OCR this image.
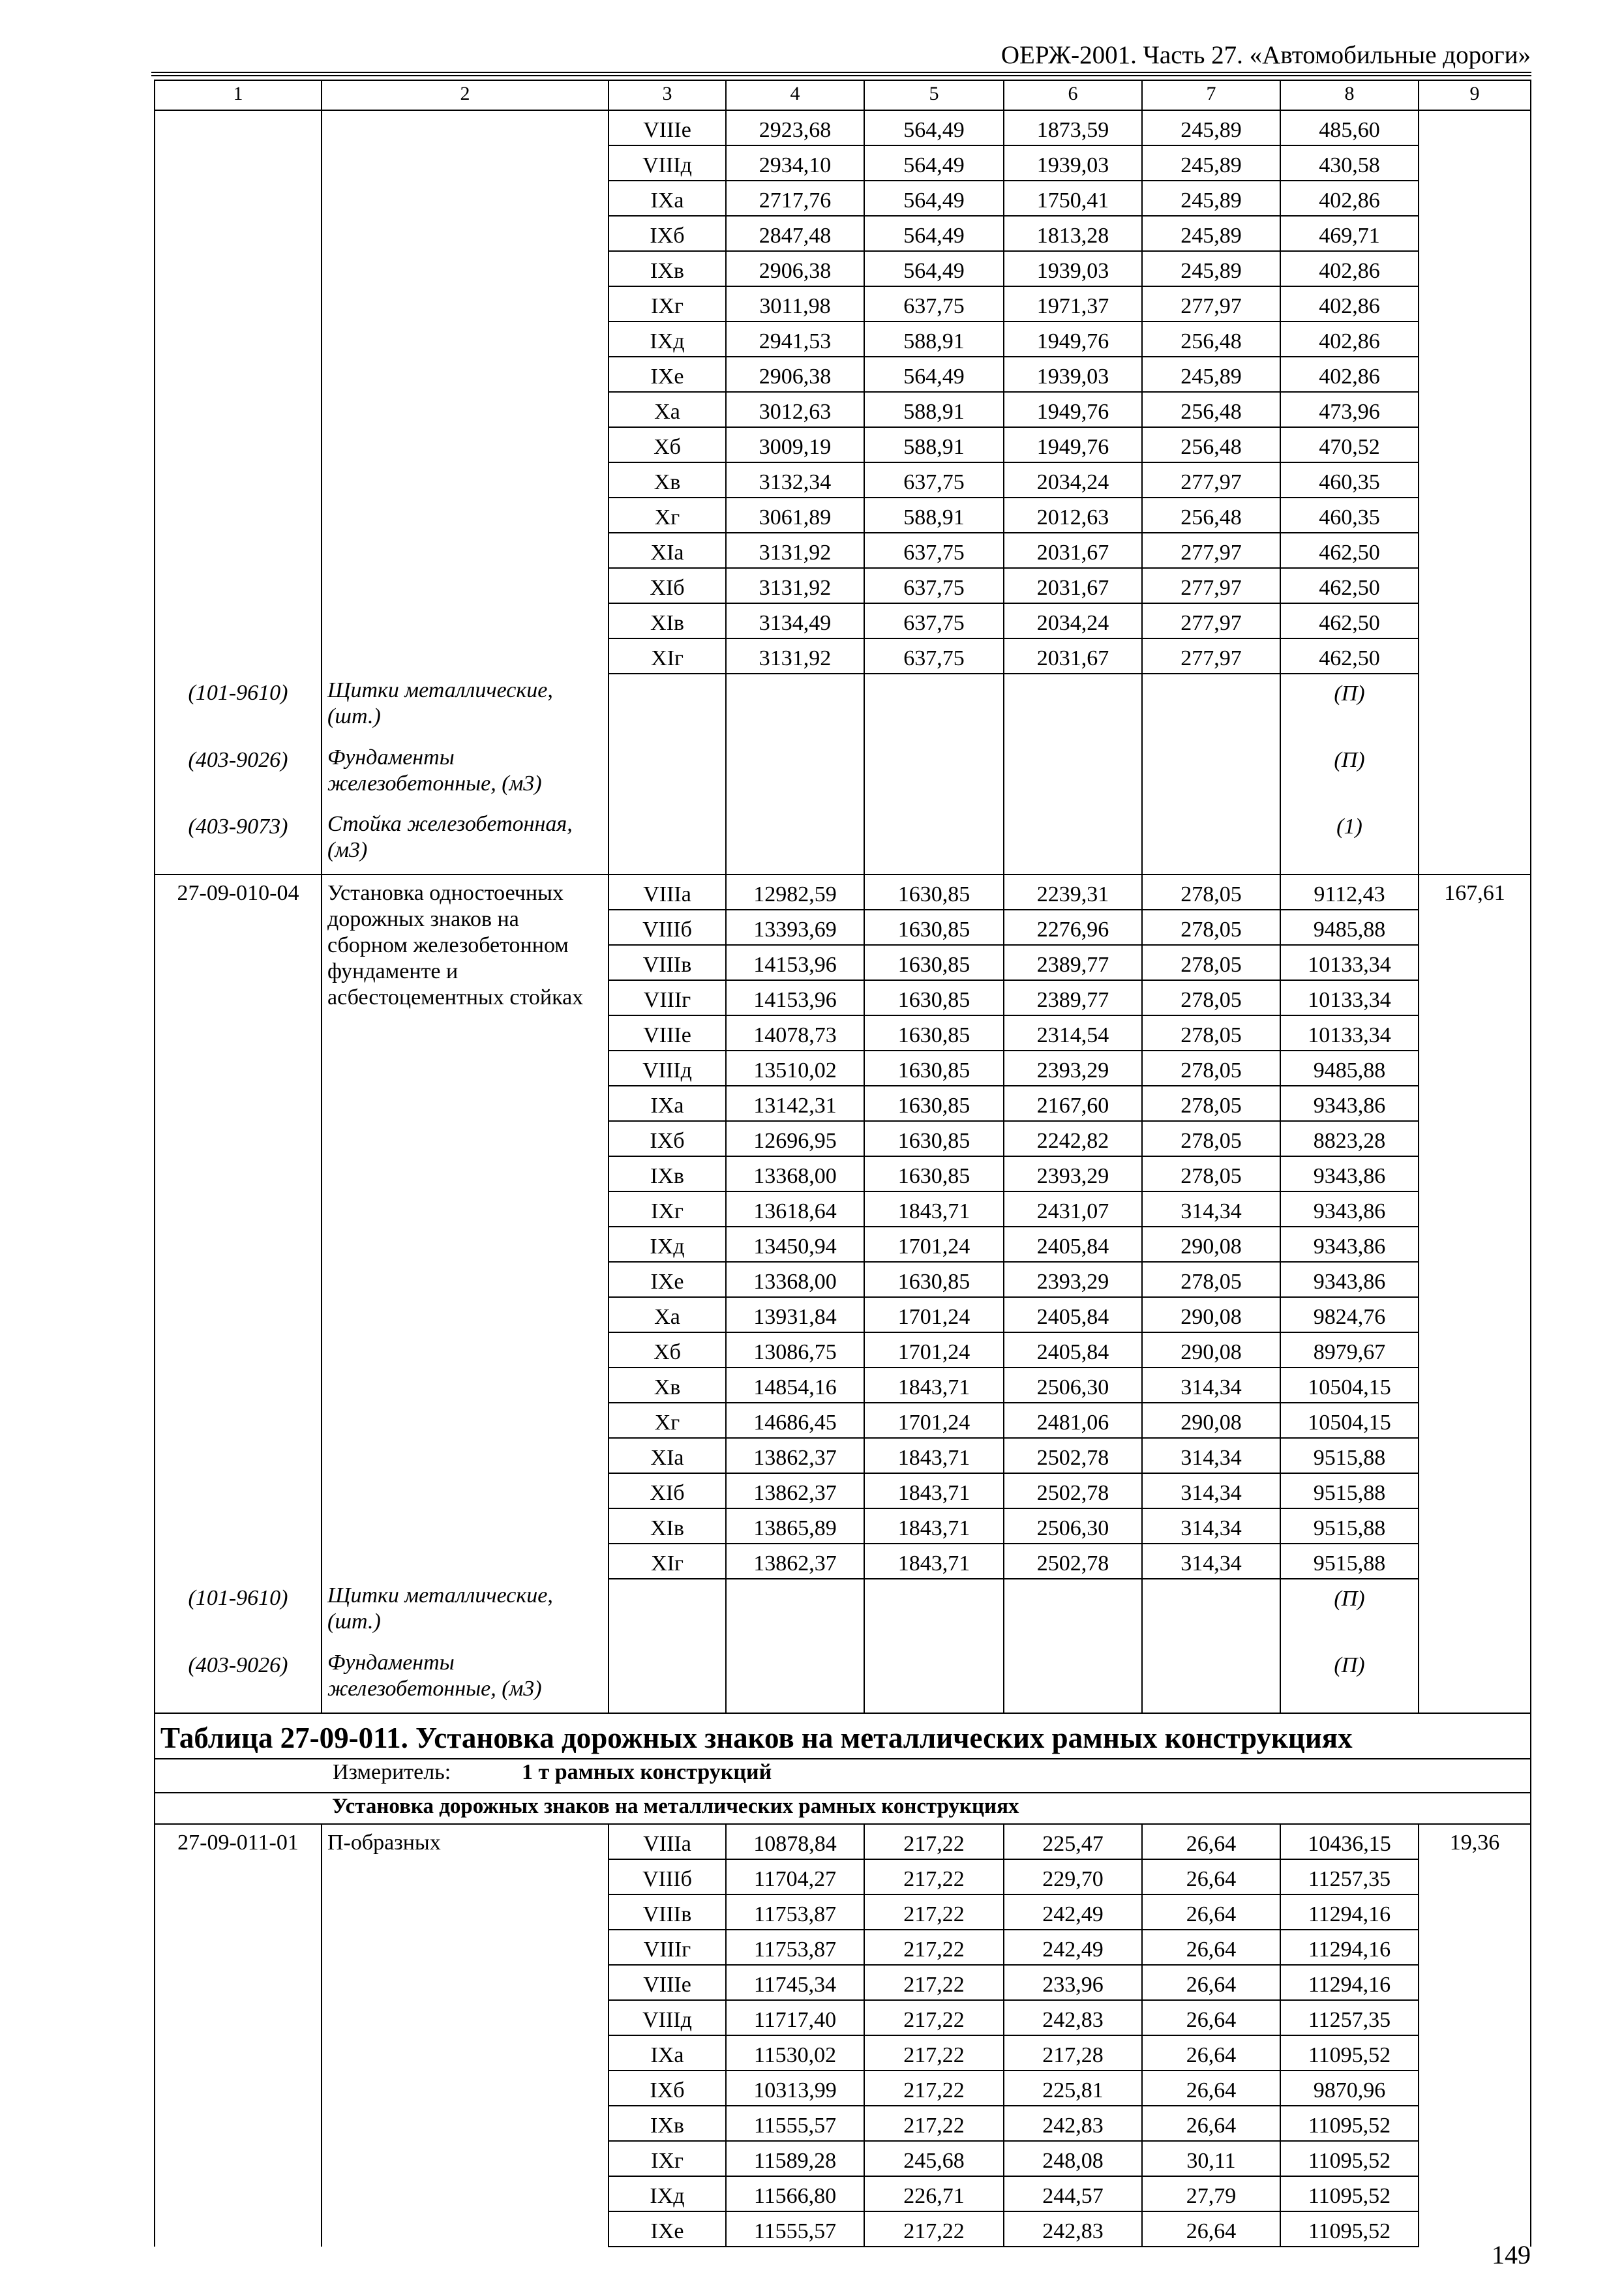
ОЕРЖ-2001. Часть 27. «Автомобильные дороги»
1	2	3	4	5	6	7	8	9

		VIIIе	2923,68	564,49	1873,59	245,89	485,60	

		VIIIд	2934,10	564,49	1939,03	245,89	430,58	

		IXа	2717,76	564,49	1750,41	245,89	402,86	

		IXб	2847,48	564,49	1813,28	245,89	469,71	

		IXв	2906,38	564,49	1939,03	245,89	402,86	

		IXг	3011,98	637,75	1971,37	277,97	402,86	

		IXд	2941,53	588,91	1949,76	256,48	402,86	

		IXе	2906,38	564,49	1939,03	245,89	402,86	

		Xа	3012,63	588,91	1949,76	256,48	473,96	

		Xб	3009,19	588,91	1949,76	256,48	470,52	

		Xв	3132,34	637,75	2034,24	277,97	460,35	

		Xг	3061,89	588,91	2012,63	256,48	460,35	

		XIа	3131,92	637,75	2031,67	277,97	462,50	

		XIб	3131,92	637,75	2031,67	277,97	462,50	

		XIв	3134,49	637,75	2034,24	277,97	462,50	

		XIг	3131,92	637,75	2031,67	277,97	462,50	

(101-9610)	Щитки металлические, (шт.)						(П)	
(403-9026)	Фундаменты железобетонные, (м3)						(П)	
(403-9073)	Стойка железобетонная, (м3)						(1)	
27-09-010-04	Установка одностоечных дорожных знаков на сборном железобетонном фундаменте и асбестоцементных стойках	VIIIа	12982,59	1630,85	2239,31	278,05	9112,43	167,61

		VIIIб	13393,69	1630,85	2276,96	278,05	9485,88	

		VIIIв	14153,96	1630,85	2389,77	278,05	10133,34	

		VIIIг	14153,96	1630,85	2389,77	278,05	10133,34	

		VIIIе	14078,73	1630,85	2314,54	278,05	10133,34	

		VIIIд	13510,02	1630,85	2393,29	278,05	9485,88	

		IXа	13142,31	1630,85	2167,60	278,05	9343,86	

		IXб	12696,95	1630,85	2242,82	278,05	8823,28	

		IXв	13368,00	1630,85	2393,29	278,05	9343,86	

		IXг	13618,64	1843,71	2431,07	314,34	9343,86	

		IXд	13450,94	1701,24	2405,84	290,08	9343,86	

		IXе	13368,00	1630,85	2393,29	278,05	9343,86	

		Xа	13931,84	1701,24	2405,84	290,08	9824,76	

		Xб	13086,75	1701,24	2405,84	290,08	8979,67	

		Xв	14854,16	1843,71	2506,30	314,34	10504,15	

		Xг	14686,45	1701,24	2481,06	290,08	10504,15	

		XIа	13862,37	1843,71	2502,78	314,34	9515,88	

		XIб	13862,37	1843,71	2502,78	314,34	9515,88	

		XIв	13865,89	1843,71	2506,30	314,34	9515,88	

		XIг	13862,37	1843,71	2502,78	314,34	9515,88	

(101-9610)	Щитки металлические, (шт.)						(П)	
(403-9026)	Фундаменты железобетонные, (м3)						(П)	
Таблица 27-09-011. Установка дорожных знаков на металлических рамных конструкциях								
Измеритель: 1 т рамных конструкций								
Установка дорожных знаков на металлических рамных конструкциях								
27-09-011-01	П-образных	VIIIа	10878,84	217,22	225,47	26,64	10436,15	19,36

		VIIIб	11704,27	217,22	229,70	26,64	11257,35	

		VIIIв	11753,87	217,22	242,49	26,64	11294,16	

		VIIIг	11753,87	217,22	242,49	26,64	11294,16	

		VIIIе	11745,34	217,22	233,96	26,64	11294,16	

		VIIIд	11717,40	217,22	242,83	26,64	11257,35	

		IXа	11530,02	217,22	217,28	26,64	11095,52	

		IXб	10313,99	217,22	225,81	26,64	9870,96	

		IXв	11555,57	217,22	242,83	26,64	11095,52	

		IXг	11589,28	245,68	248,08	30,11	11095,52	

		IXд	11566,80	226,71	244,57	27,79	11095,52	

		IXе	11555,57	217,22	242,83	26,64	11095,52	
149
